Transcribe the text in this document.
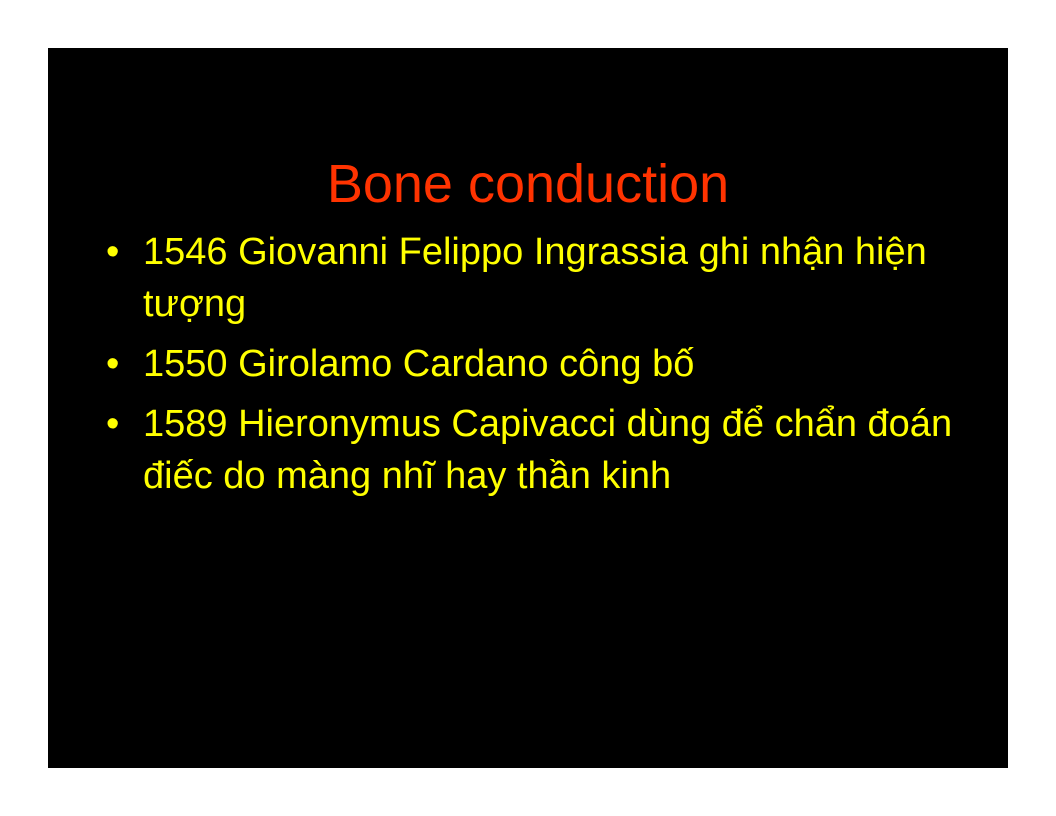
Bone conduction
• 1546 Giovanni Felippo Ingrassia ghi nhận hiện tượng
• 1550 Girolamo Cardano công bố
• 1589 Hieronymus Capivacci dùng để chẩn đoán điếc do màng nhĩ hay thần kinh
